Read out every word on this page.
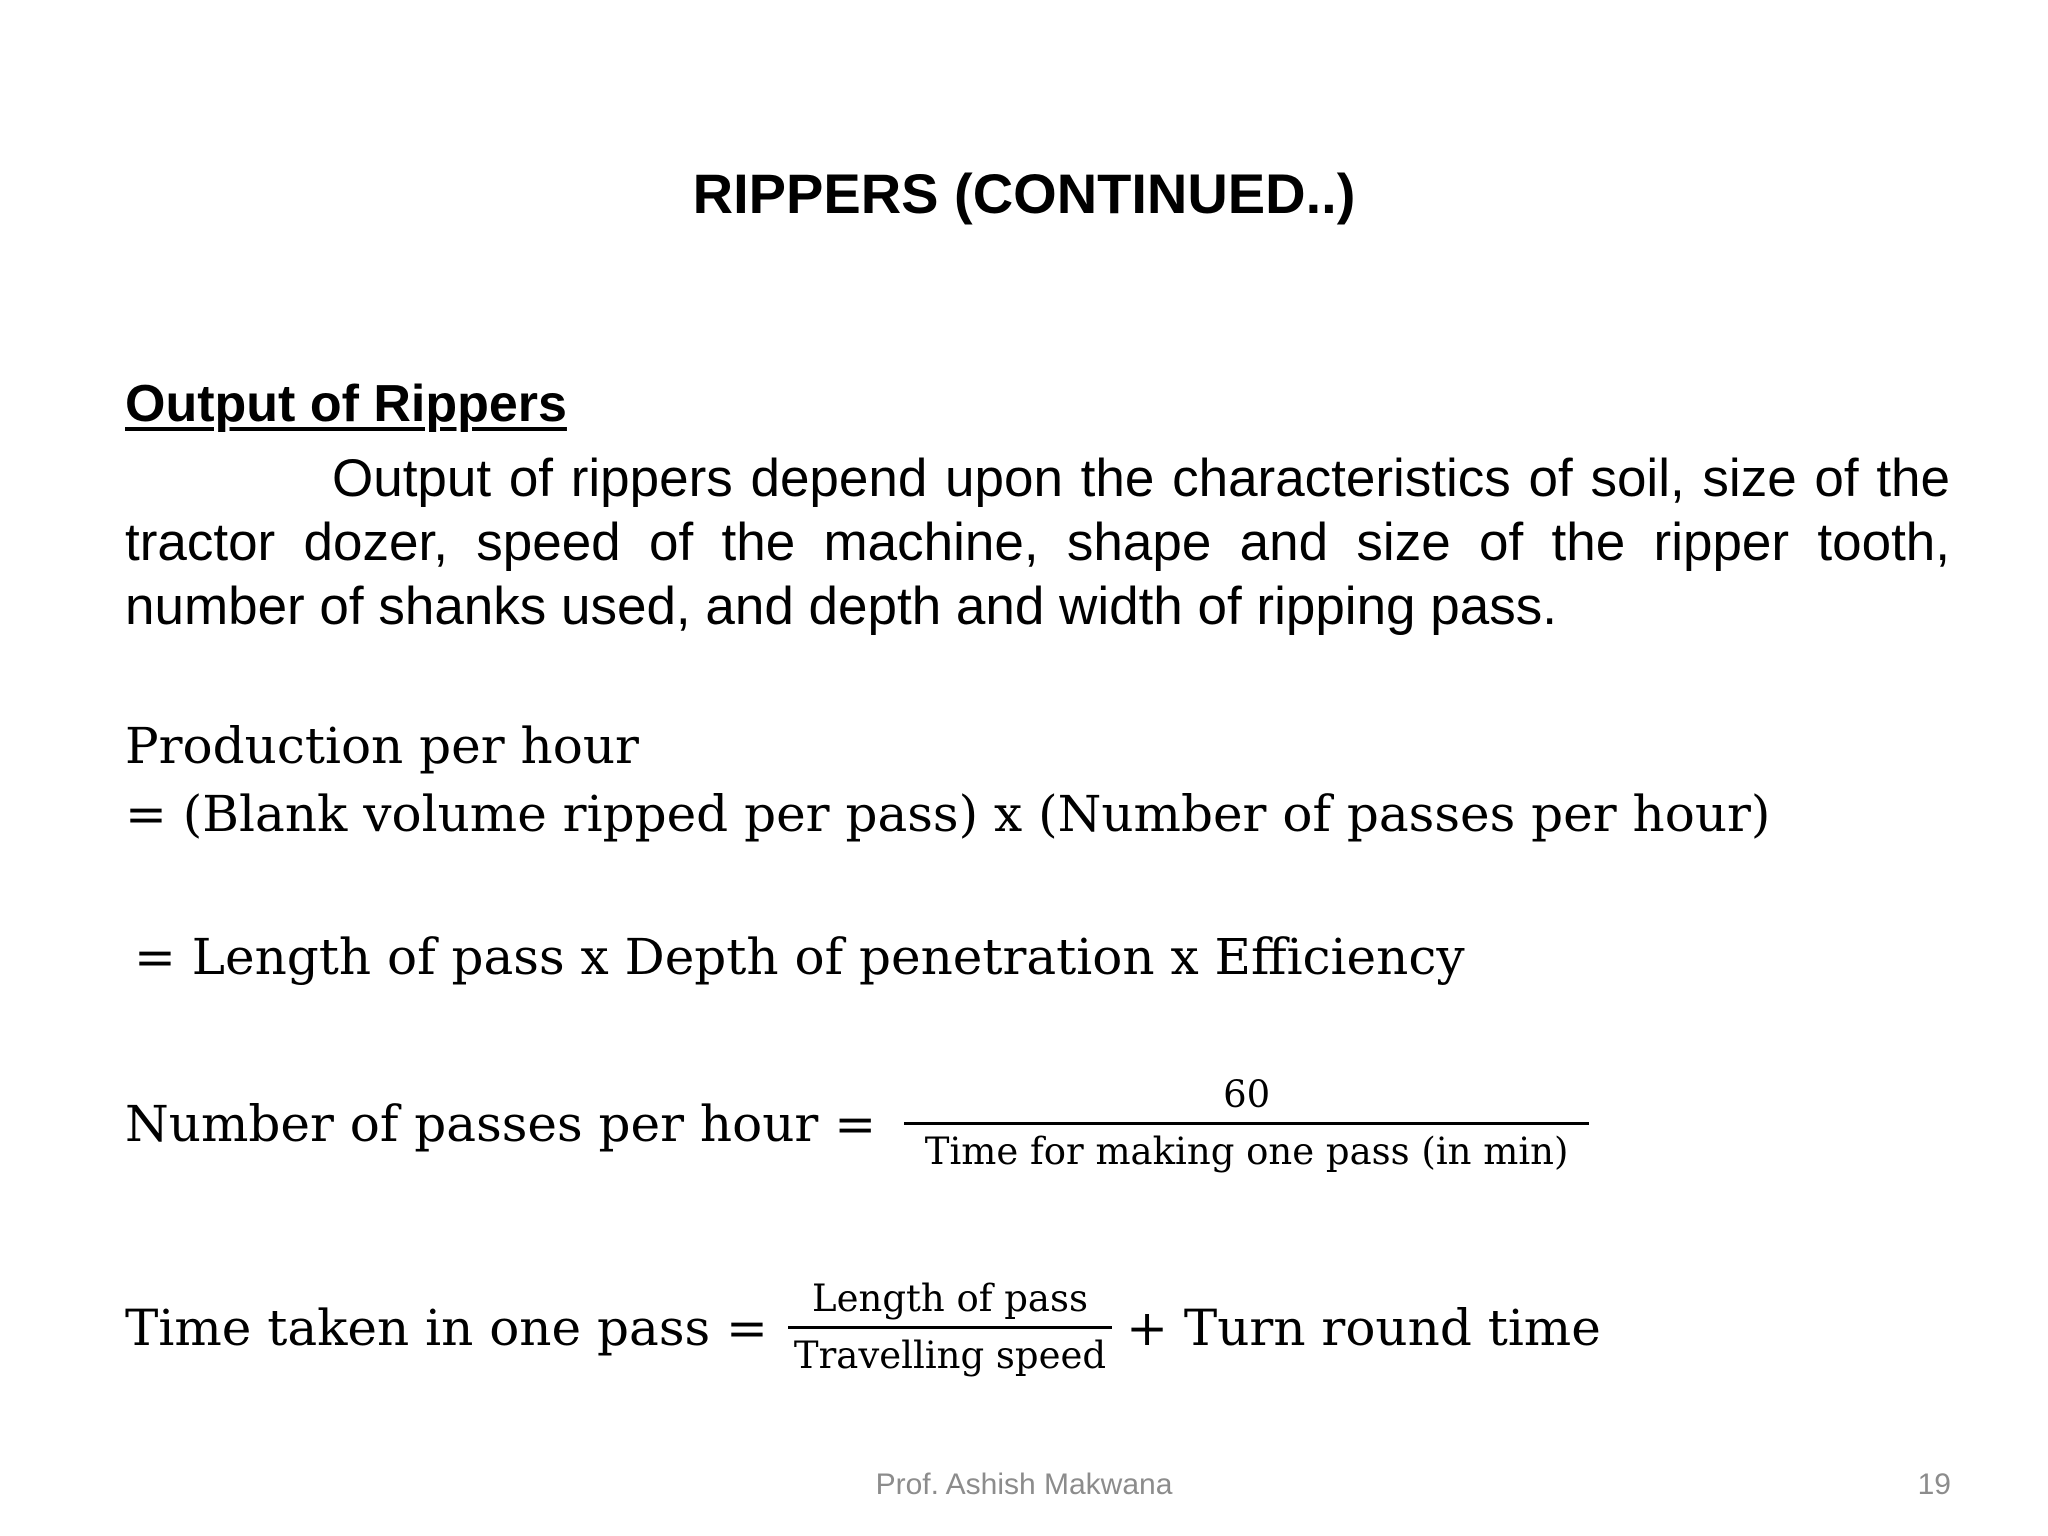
RIPPERS (CONTINUED..)
Output of Rippers

Output of rippers depend upon the characteristics of soil, size of the tractor dozer, speed of the machine, shape and size of the ripper tooth, number of shanks used, and depth and width of ripping pass.

Production per hour
= (Blank volume ripped per pass) x (Number of passes per hour)
= Length of pass x Depth of penetration x Efficiency
Number of passes per hour = $\frac{60}{\text{Time for making one pass (in min)}}$
Time taken in one pass = $\frac{\text{Length of pass}}{\text{Travelling speed}}$ + Turn round time
Prof. Ashish Makwana	19
